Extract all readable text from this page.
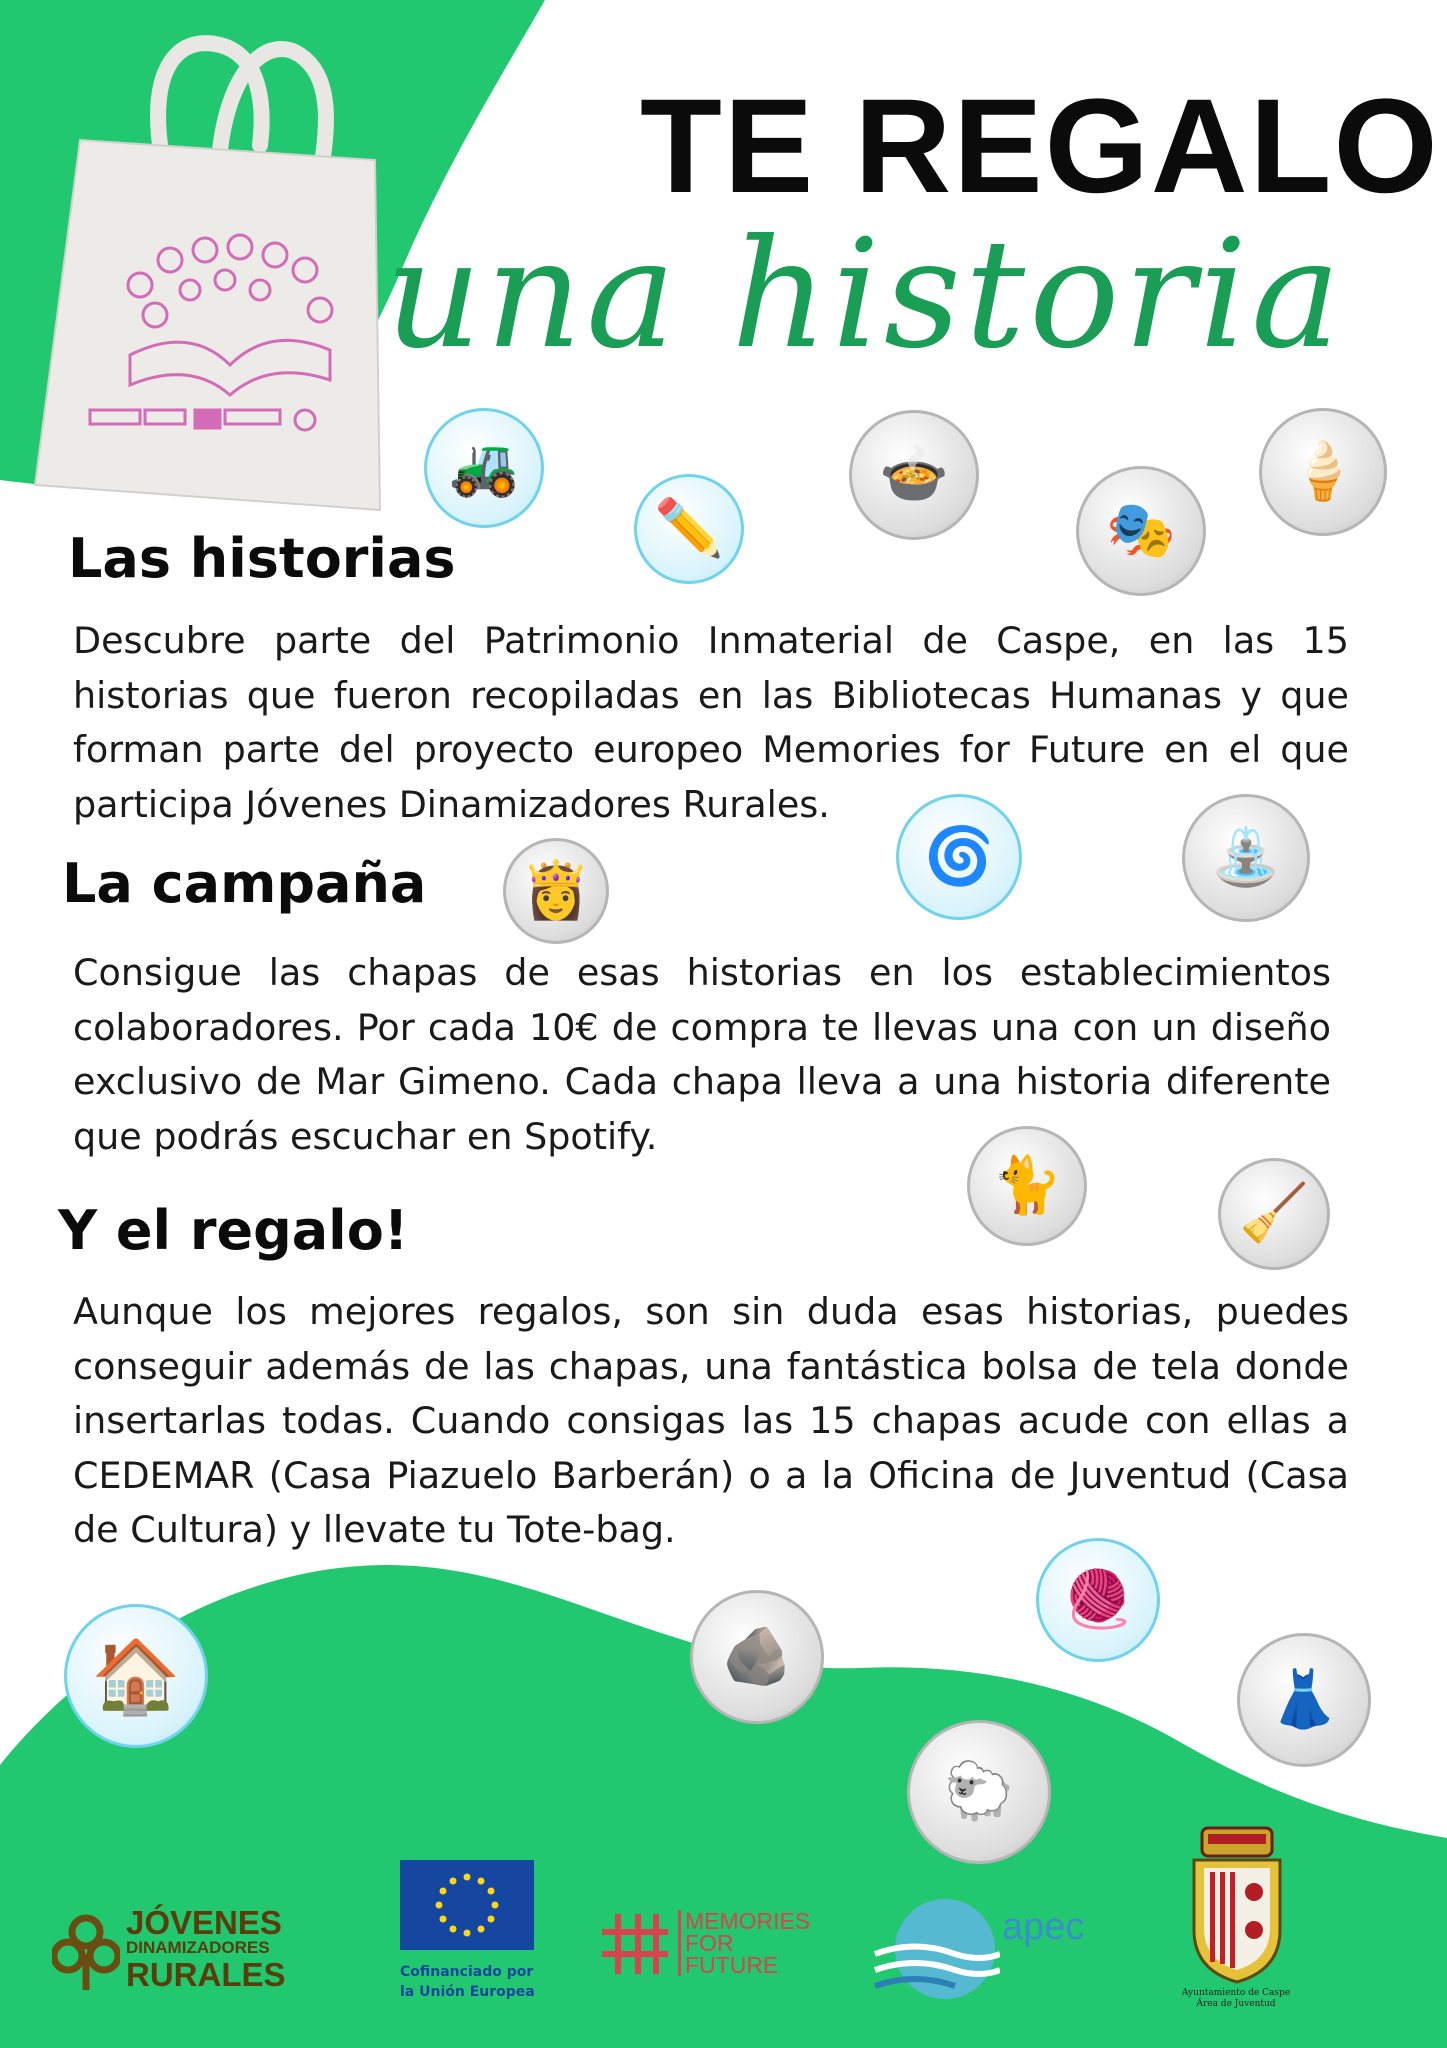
TE REGALO
una historia
Las historias
Descubre parte del Patrimonio Inmaterial de Caspe, en las 15 historias que fueron recopiladas en las Bibliotecas Humanas y que forman parte del proyecto europeo Memories for Future en el que participa Jóvenes Dinamizadores Rurales.
La campaña
Consigue las chapas de esas historias en los establecimientos colaboradores. Por cada 10€ de compra te llevas una con un diseño exclusivo de Mar Gimeno. Cada chapa lleva a una historia diferente que podrás escuchar en Spotify.
Y el regalo!
Aunque los mejores regalos, son sin duda esas historias, puedes conseguir además de las chapas, una fantástica bolsa de tela donde insertarlas todas. Cuando consigas las 15 chapas acude con ellas a CEDEMAR (Casa Piazuelo Barberán) o a la Oficina de Juventud (Casa de Cultura) y llevate tu Tote-bag.
🚜
✏️
🍲
🎭
🍦
👸
🌀	⛲
🐈	🧹
🏠	🪨
🧶
🐑
👗
JÓVENES
DINAMIZADORES
RURALES	Cofinanciado por
la Unión Europea
MEMORIES
FOR
FUTURE
apec
Ayuntamiento de Caspe
Área de Juventud
